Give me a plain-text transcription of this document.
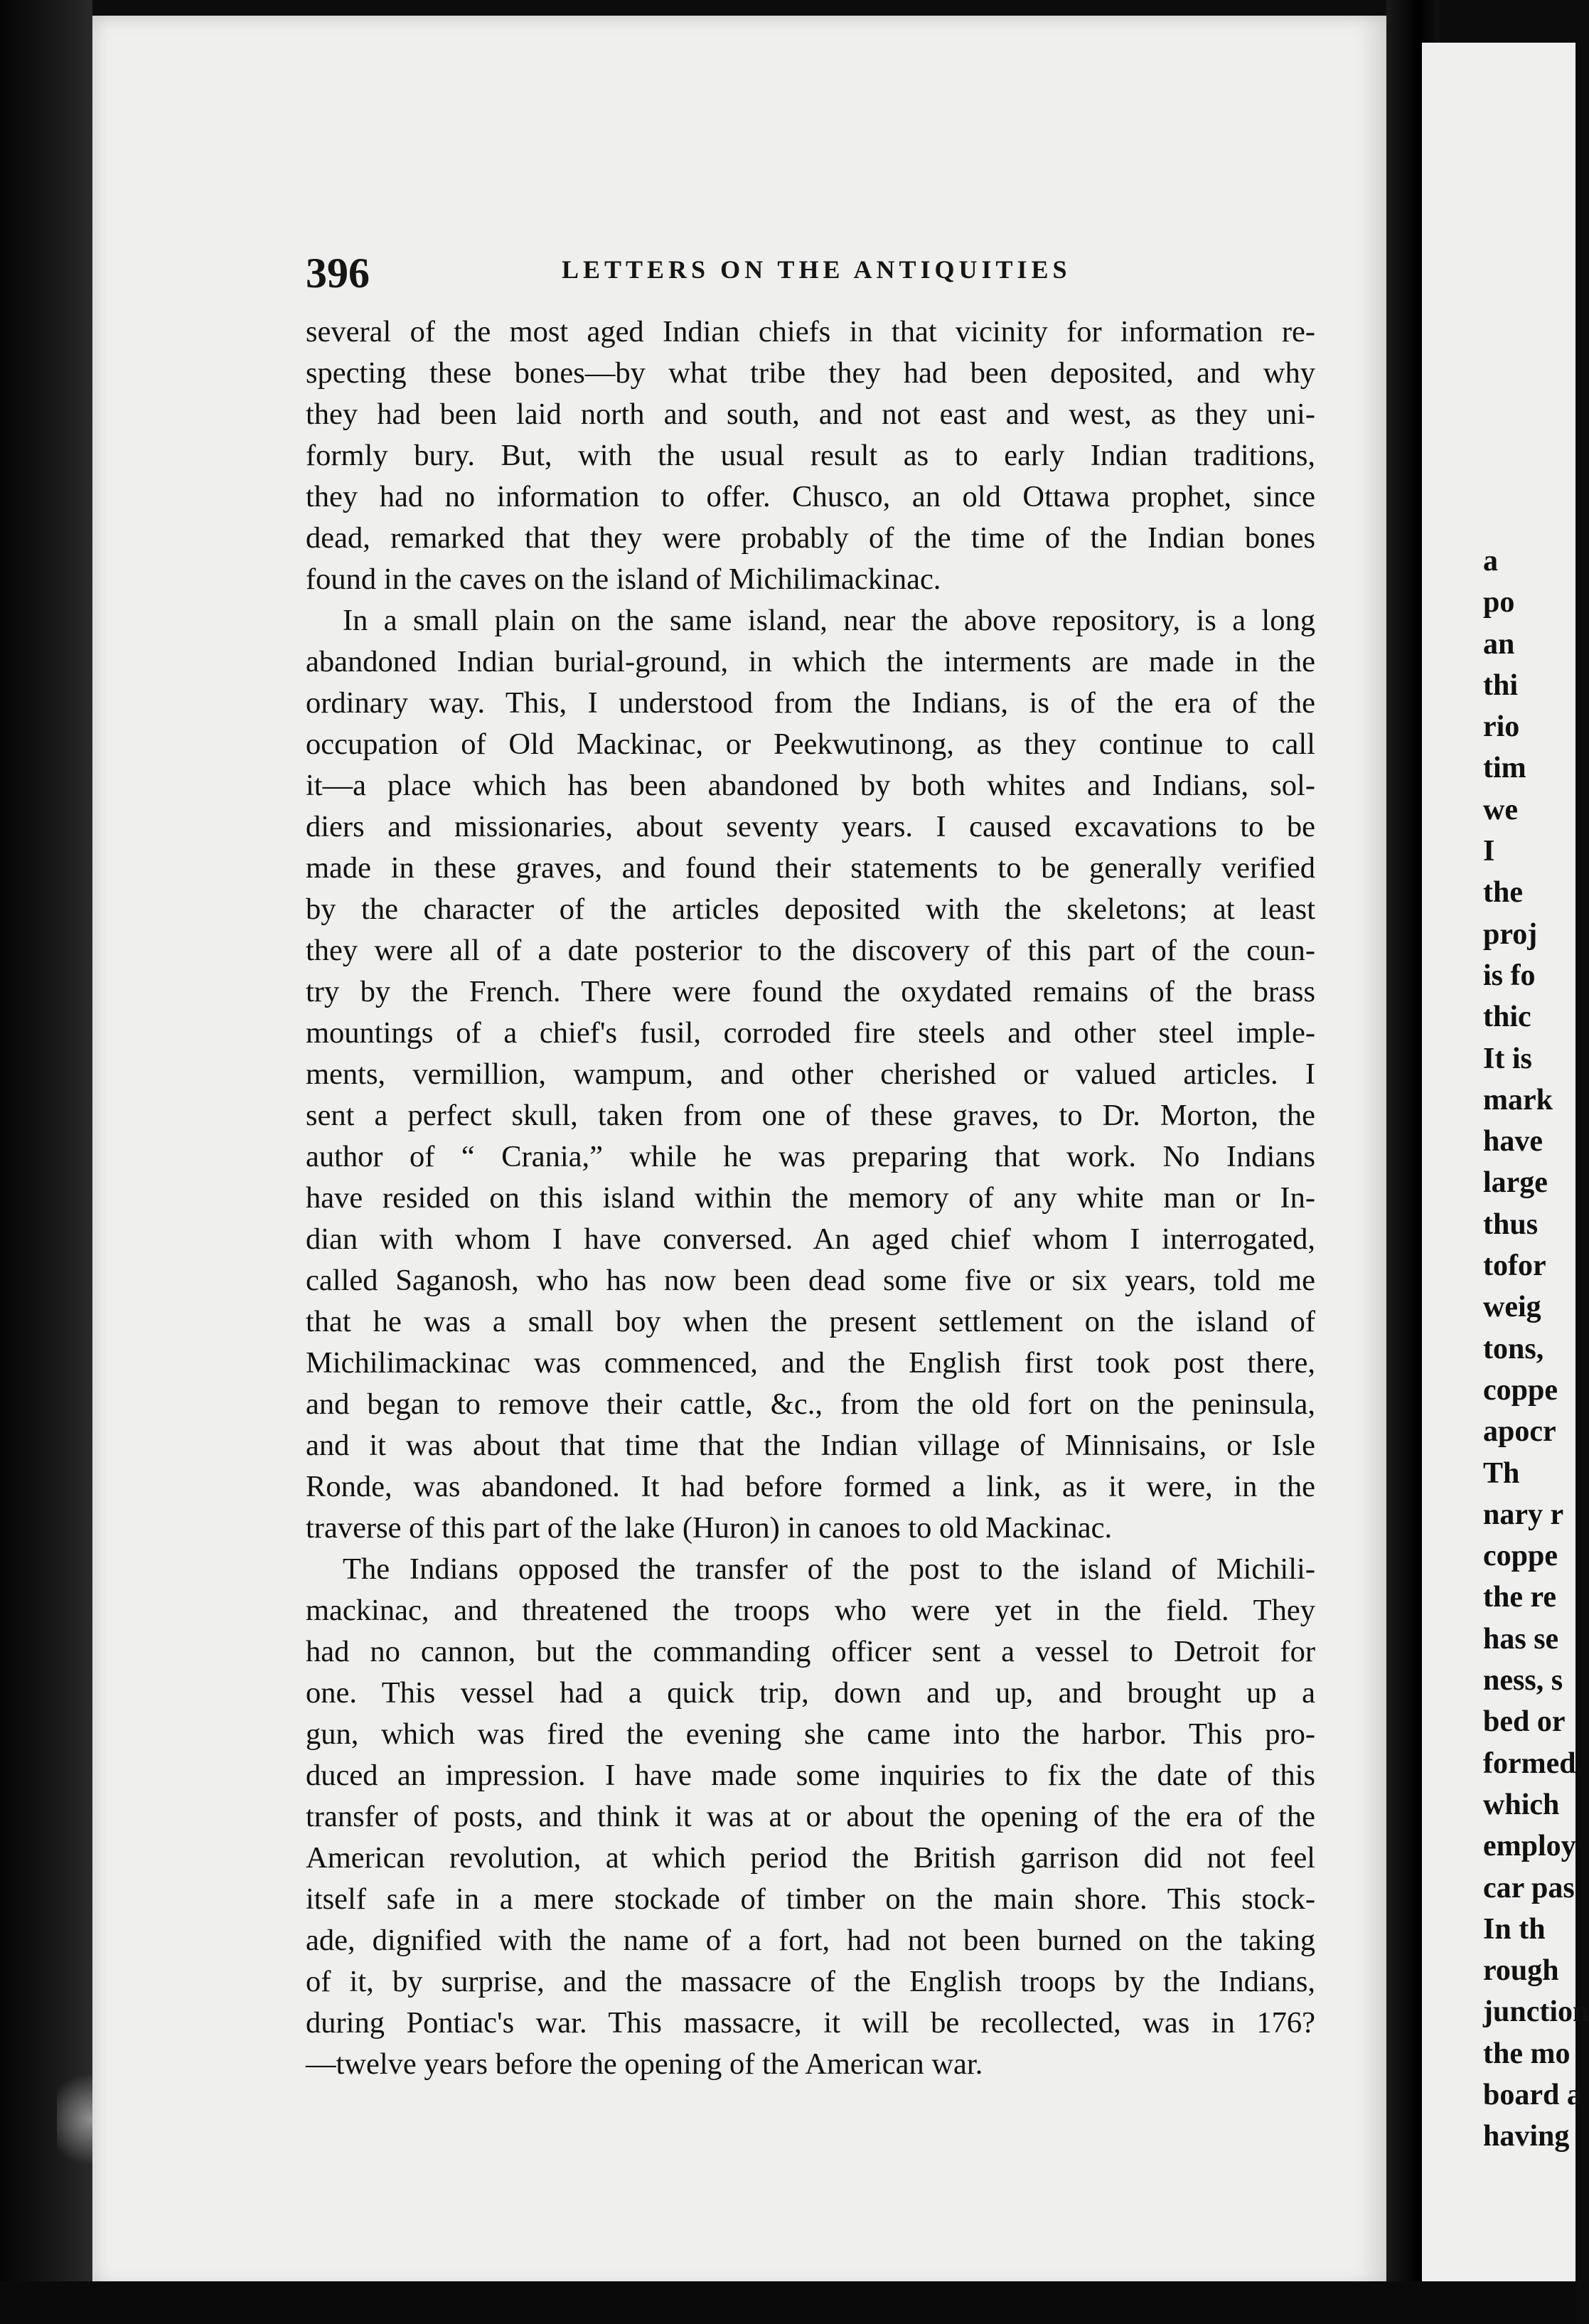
396	LETTERS ON THE ANTIQUITIES
several of the most aged Indian chiefs in that vicinity for information re-
specting these bones—by what tribe they had been deposited, and why
they had been laid north and south, and not east and west, as they uni-
formly bury. But, with the usual result as to early Indian traditions,
they had no information to offer. Chusco, an old Ottawa prophet, since
dead, remarked that they were probably of the time of the Indian bones
found in the caves on the island of Michilimackinac.
In a small plain on the same island, near the above repository, is a long
abandoned Indian burial-ground, in which the interments are made in the
ordinary way. This, I understood from the Indians, is of the era of the
occupation of Old Mackinac, or Peekwutinong, as they continue to call
it—a place which has been abandoned by both whites and Indians, sol-
diers and missionaries, about seventy years. I caused excavations to be
made in these graves, and found their statements to be generally verified
by the character of the articles deposited with the skeletons; at least
they were all of a date posterior to the discovery of this part of the coun-
try by the French. There were found the oxydated remains of the brass
mountings of a chief's fusil, corroded fire steels and other steel imple-
ments, vermillion, wampum, and other cherished or valued articles. I
sent a perfect skull, taken from one of these graves, to Dr. Morton, the
author of “ Crania,” while he was preparing that work. No Indians
have resided on this island within the memory of any white man or In-
dian with whom I have conversed. An aged chief whom I interrogated,
called Saganosh, who has now been dead some five or six years, told me
that he was a small boy when the present settlement on the island of
Michilimackinac was commenced, and the English first took post there,
and began to remove their cattle, &c., from the old fort on the peninsula,
and it was about that time that the Indian village of Minnisains, or Isle
Ronde, was abandoned. It had before formed a link, as it were, in the
traverse of this part of the lake (Huron) in canoes to old Mackinac.
The Indians opposed the transfer of the post to the island of Michili-
mackinac, and threatened the troops who were yet in the field. They
had no cannon, but the commanding officer sent a vessel to Detroit for
one. This vessel had a quick trip, down and up, and brought up a
gun, which was fired the evening she came into the harbor. This pro-
duced an impression. I have made some inquiries to fix the date of this
transfer of posts, and think it was at or about the opening of the era of the
American revolution, at which period the British garrison did not feel
itself safe in a mere stockade of timber on the main shore. This stock-
ade, dignified with the name of a fort, had not been burned on the taking
of it, by surprise, and the massacre of the English troops by the Indians,
during Pontiac's war. This massacre, it will be recollected, was in 176?
—twelve years before the opening of the American war.
a
po
an
thi
rio
tim
we
I
the
proj
is fo
thic
It is
mark
have
large
thus
tofor
weig
tons,
coppe
apocr
Th
nary r
coppe
the re
has se
ness, s
bed or
formed
which
employ
car pas
In th
rough
junction
the mo
board a
having
